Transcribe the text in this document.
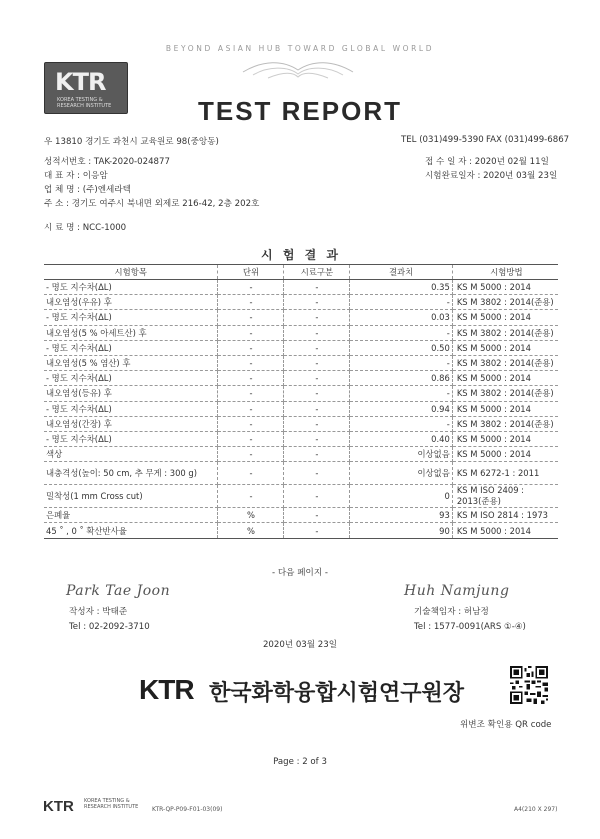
BEYOND ASIAN HUB TOWARD GLOBAL WORLD
KTR
KOREA TESTING & RESEARCH INSTITUTE	TEST REPORT
우 13810 경기도 과천시 교육원로 98(중앙동)	TEL (031)499-5390 FAX (031)499-6867
성적서번호 : TAK-2020-024877	접 수 일 자 : 2020년 02월 11일
대 표 자 : 이응암	시험완료일자 : 2020년 03월 23일
업 체 명 : (주)엔세라텍
주 소 : 경기도 여주시 북내면 외제로 216-42, 2층 202호
시 료 명 : NCC-1000
시 험 결 과
시험항목	단위	시료구분	결과치	시험방법
- 명도 지수차(ΔL)	-	-	0.35	KS M 5000 : 2014
내오염성(우유) 후	-	-	-	KS M 3802 : 2014(준용)
- 명도 지수차(ΔL)	-	-	0.03	KS M 5000 : 2014
내오염성(5 % 아세트산) 후	-	-	-	KS M 3802 : 2014(준용)
- 명도 지수차(ΔL)	-	-	0.50	KS M 5000 : 2014
내오염성(5 % 염산) 후	-	-	-	KS M 3802 : 2014(준용)
- 명도 지수차(ΔL)	-	-	0.86	KS M 5000 : 2014
내오염성(등유) 후	-	-	-	KS M 3802 : 2014(준용)
- 명도 지수차(ΔL)	-	-	0.94	KS M 5000 : 2014
내오염성(간장) 후	-	-	-	KS M 3802 : 2014(준용)
- 명도 지수차(ΔL)	-	-	0.40	KS M 5000 : 2014
색상	-	-	이상없음	KS M 5000 : 2014
내충격성(높이: 50 cm, 추 무게 : 300 g)	-	-	이상없음	KS M 6272-1 : 2011
밀착성(1 mm Cross cut)	-	-	0	KS M ISO 2409 : 2013(준용)
은폐율	%	-	93	KS M ISO 2814 : 1973
45 ˚ , 0 ˚ 확산반사율	%	-	90	KS M 5000 : 2014
- 다음 페이지 -
Park Tae Joon
작성자 : 박태준
Tel : 02-2092-3710
Huh Namjung
기술책임자 : 허남정
Tel : 1577-0091(ARS ①-④)
2020년 03월 23일
KTR 한국화학융합시험연구원장
위변조 확인용 QR code
Page : 2 of 3
KTR KOREA TESTING & RESEARCH INSTITUTE	KTR-QP-P09-F01-03(09)	A4(210 X 297)
